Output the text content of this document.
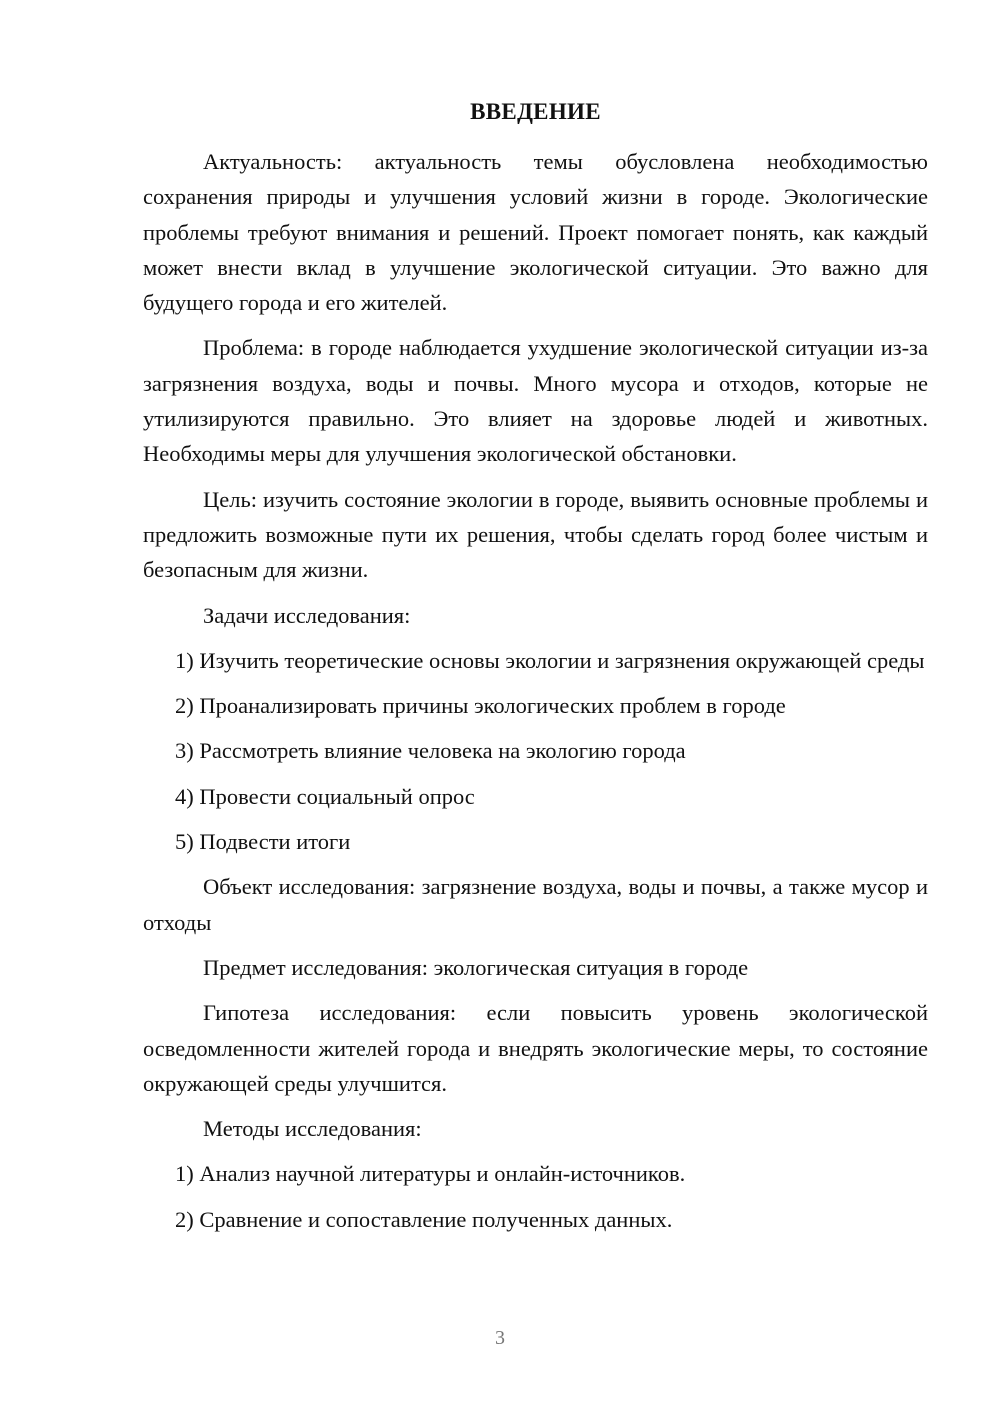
ВВЕДЕНИЕ
Актуальность: актуальность темы обусловлена необходимостью сохранения природы и улучшения условий жизни в городе. Экологические проблемы требуют внимания и решений. Проект помогает понять, как каждый может внести вклад в улучшение экологической ситуации. Это важно для будущего города и его жителей.
Проблема: в городе наблюдается ухудшение экологической ситуации из-за загрязнения воздуха, воды и почвы. Много мусора и отходов, которые не утилизируются правильно. Это влияет на здоровье людей и животных. Необходимы меры для улучшения экологической обстановки.
Цель: изучить состояние экологии в городе, выявить основные проблемы и предложить возможные пути их решения, чтобы сделать город более чистым и безопасным для жизни.
Задачи исследования:
1) Изучить теоретические основы экологии и загрязнения окружающей среды
2) Проанализировать причины экологических проблем в городе
3) Рассмотреть влияние человека на экологию города
4) Провести социальный опрос
5) Подвести итоги
Объект исследования: загрязнение воздуха, воды и почвы, а также мусор и отходы
Предмет исследования: экологическая ситуация в городе
Гипотеза исследования: если повысить уровень экологической осведомленности жителей города и внедрять экологические меры, то состояние окружающей среды улучшится.
Методы исследования:
1) Анализ научной литературы и онлайн-источников.
2) Сравнение и сопоставление полученных данных.
3
